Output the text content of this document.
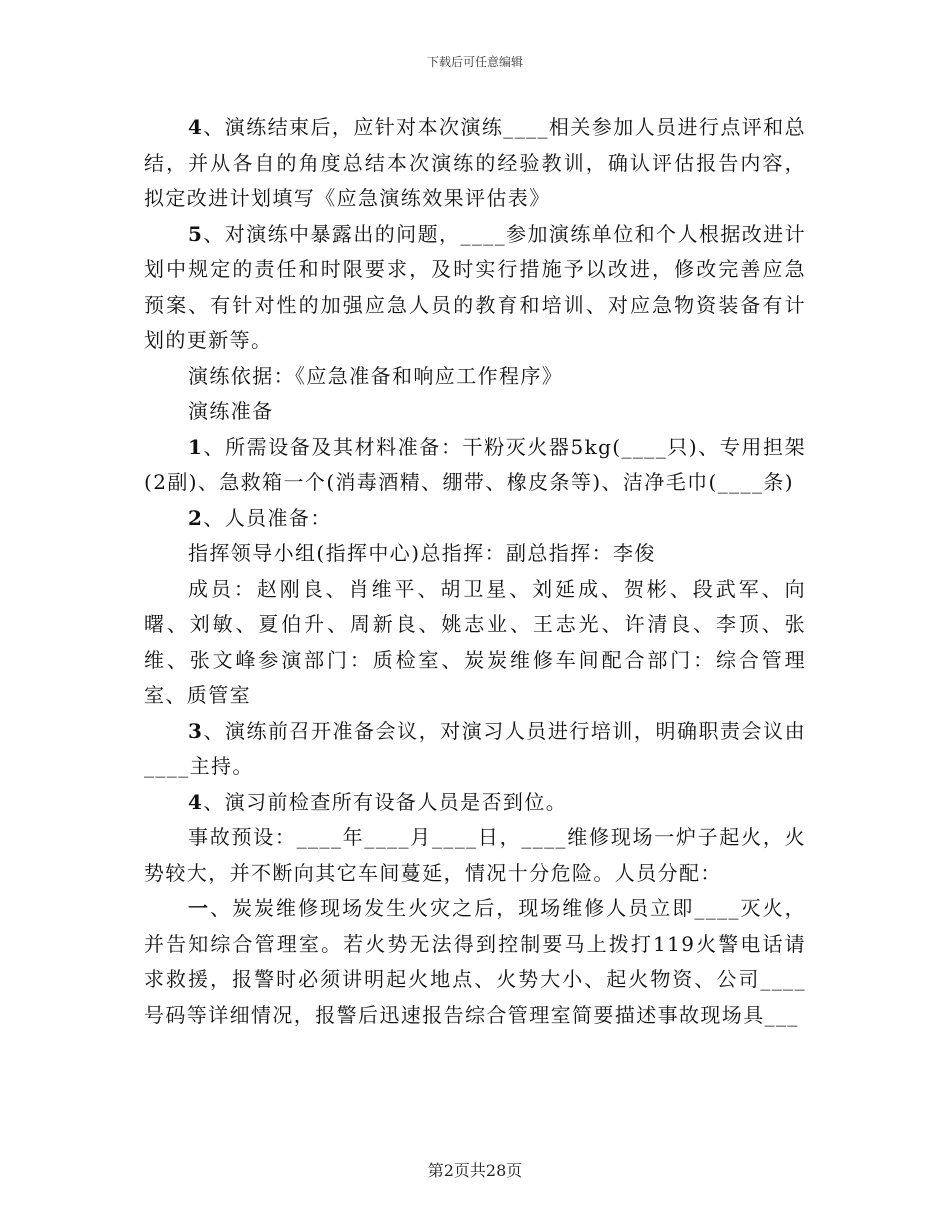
下载后可任意编辑

4、演练结束后，应针对本次演练____相关参加人员进行点评和总结，并从各自的角度总结本次演练的经验教训，确认评估报告内容，拟定改进计划填写《应急演练效果评估表》

5、对演练中暴露出的问题，____参加演练单位和个人根据改进计划中规定的责任和时限要求，及时实行措施予以改进，修改完善应急预案、有针对性的加强应急人员的教育和培训、对应急物资装备有计划的更新等。

演练依据：《应急准备和响应工作程序》

演练准备

1、所需设备及其材料准备：干粉灭火器5kg(____只)、专用担架(2副)、急救箱一个(消毒酒精、绷带、橡皮条等)、洁净毛巾(____条)

2、人员准备：

指挥领导小组(指挥中心)总指挥：副总指挥：李俊

成员：赵刚良、肖维平、胡卫星、刘延成、贺彬、段武军、向曙、刘敏、夏伯升、周新良、姚志业、王志光、许清良、李顶、张维、张文峰参演部门：质检室、炭炭维修车间配合部门：综合管理室、质管室

3、演练前召开准备会议，对演习人员进行培训，明确职责会议由____主持。

4、演习前检查所有设备人员是否到位。

事故预设：____年____月____日，____维修现场一炉子起火，火势较大，并不断向其它车间蔓延，情况十分危险。人员分配：

一、炭炭维修现场发生火灾之后，现场维修人员立即____灭火，并告知综合管理室。若火势无法得到控制要马上拨打119火警电话请求救援，报警时必须讲明起火地点、火势大小、起火物资、公司____号码等详细情况，报警后迅速报告综合管理室简要描述事故现场具___

第2页共28页
